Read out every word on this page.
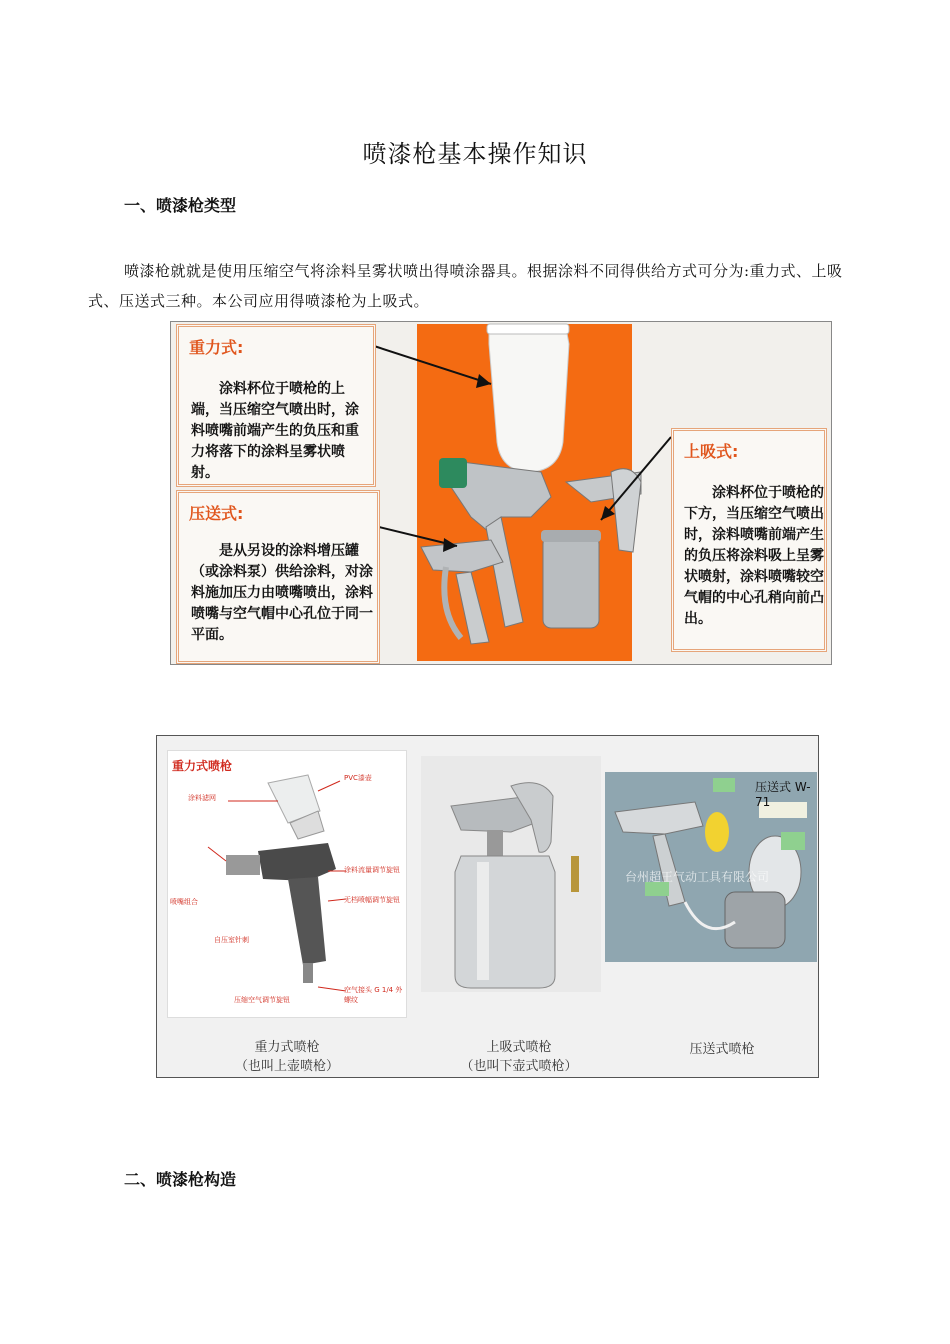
喷漆枪基本操作知识
一、喷漆枪类型
喷漆枪就就是使用压缩空气将涂料呈雾状喷出得喷涂器具。根据涂料不同得供给方式可分为:重力式、上吸式、压送式三种。本公司应用得喷漆枪为上吸式。
重力式:
涂料杯位于喷枪的上端，当压缩空气喷出时，涂料喷嘴前端产生的负压和重力将落下的涂料呈雾状喷射。
压送式:
是从另设的涂料增压罐（或涂料泵）供给涂料，对涂料施加压力由喷嘴喷出，涂料喷嘴与空气帽中心孔位于同一平面。
上吸式:
涂料杯位于喷枪的下方，当压缩空气喷出时，涂料喷嘴前端产生的负压将涂料吸上呈雾状喷射，涂料喷嘴较空气帽的中心孔稍向前凸出。
重力式喷枪
涂料滤网
PVC漆壶
涂料流量调节旋钮
无档喷幅调节旋钮
喷嘴组合
自压室针刺
压缩空气调节旋钮
空气接头 G 1/4 外螺纹
压送式 W-71
台州超王气动工具有限公司
重力式喷枪
（也叫上壶喷枪）
上吸式喷枪
（也叫下壶式喷枪）
压送式喷枪
二、喷漆枪构造
